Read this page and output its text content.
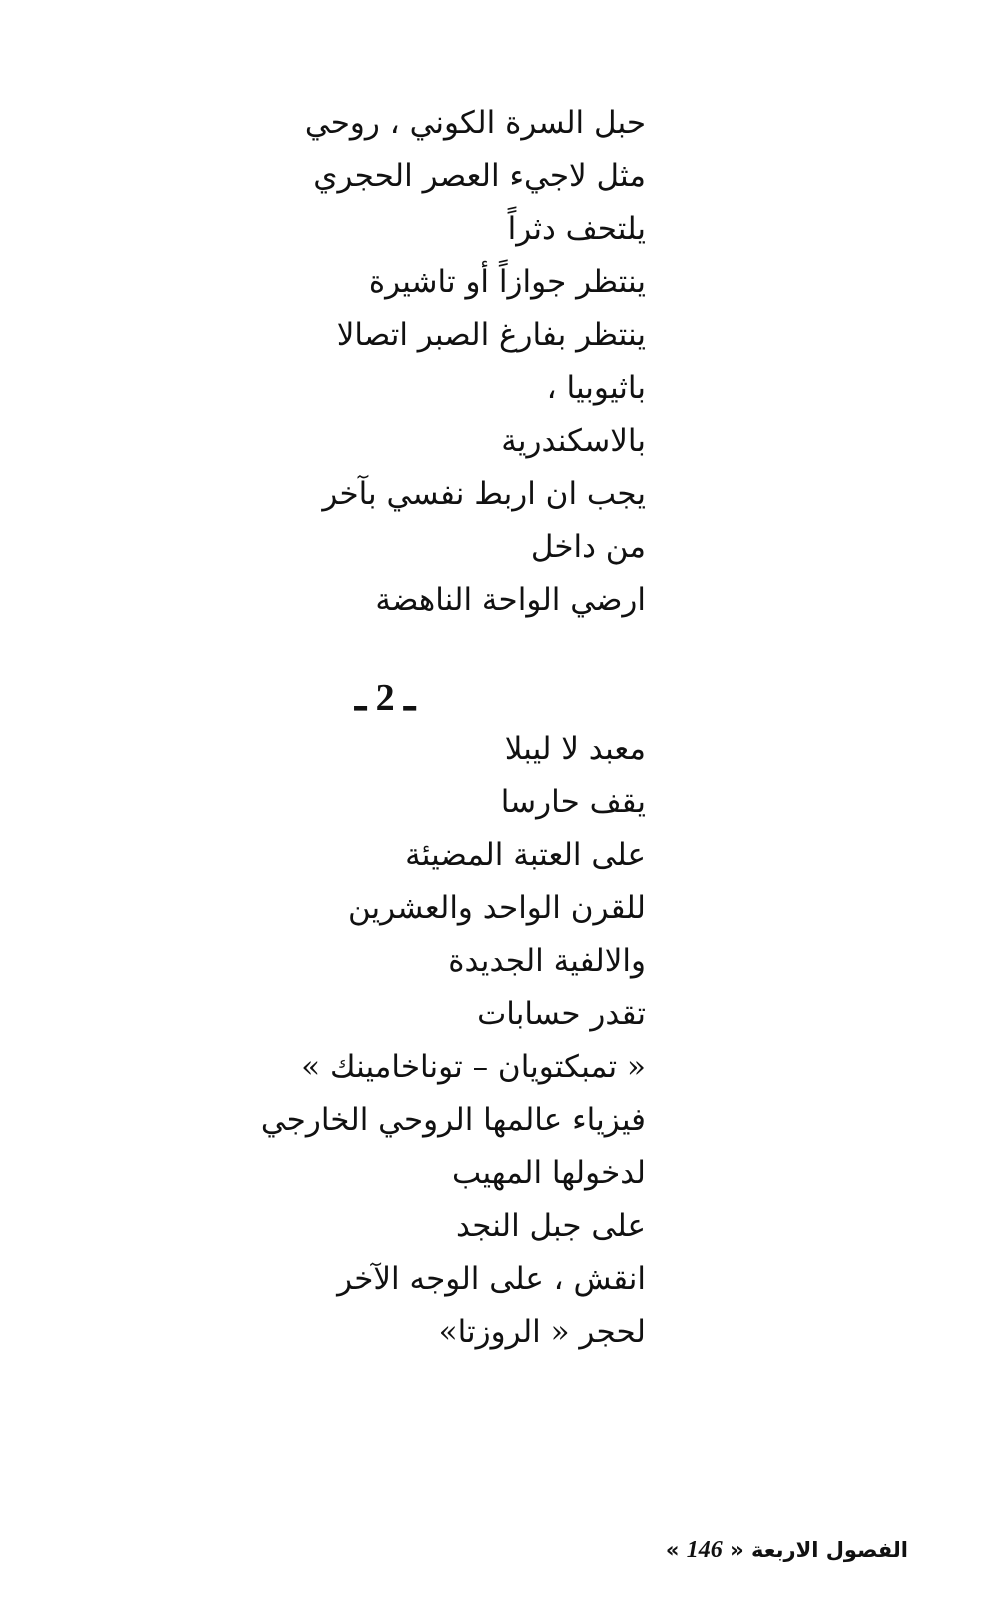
حبل السرة الكوني ، روحي
مثل لاجيء العصر الحجري
يلتحف دثراً
ينتظر جوازاً أو تاشيرة
ينتظر بفارغ الصبر اتصالا
باثيوبيا ،
بالاسكندرية
يجب ان اربط نفسي بآخر
من داخل
ارضي الواحة الناهضة
ـ 2 ـ
معبد لا ليبلا
يقف حارسا
على العتبة المضيئة
للقرن الواحد والعشرين
والالفية الجديدة
تقدر حسابات
« تمبكتويان – توناخامينك »
فيزياء عالمها الروحي الخارجي
لدخولها المهيب
على جبل النجد
انقش ، على الوجه الآخر
لحجر « الروزتا»
الفصول الاربعة « 146 »
